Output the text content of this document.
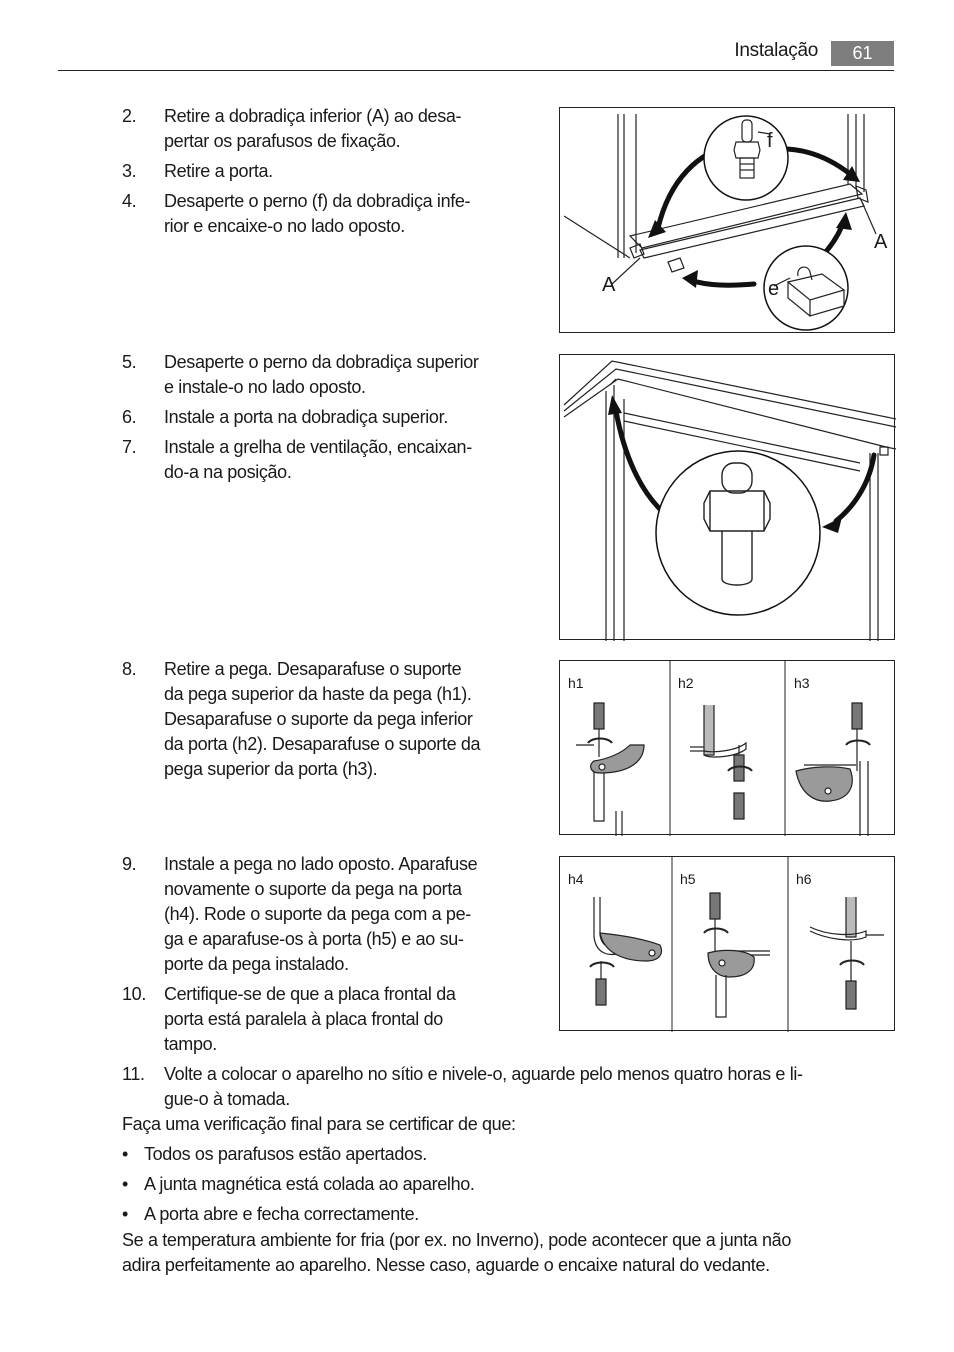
Instalação	61
2.	Retire a dobradiça inferior (A) ao desa-
pertar os parafusos de fixação.
3.	Retire a porta.
4.	Desaperte o perno (f) da dobradiça infe-
rior e encaixe-o no lado oposto.
f
A
A	e
5.	Desaperte o perno da dobradiça superior
e instale-o no lado oposto.
6.	Instale a porta na dobradiça superior.
7.	Instale a grelha de ventilação, encaixan-
do-a na posição.
8.	Retire a pega. Desaparafuse o suporte
da pega superior da haste da pega (h1).
Desaparafuse o suporte da pega inferior
da porta (h2). Desaparafuse o suporte da
pega superior da porta (h3).
h1	h2	h3
9.	Instale a pega no lado oposto. Aparafuse
novamente o suporte da pega na porta
(h4). Rode o suporte da pega com a pe-
ga e aparafuse-os à porta (h5) e ao su-
porte da pega instalado.
10.	Certifique-se de que a placa frontal da
porta está paralela à placa frontal do
tampo.
11.	Volte a colocar o aparelho no sítio e nivele-o, aguarde pelo menos quatro horas e li-
gue-o à tomada.
h4	h5	h6
Faça uma verificação final para se certificar de que:
• Todos os parafusos estão apertados.
• A junta magnética está colada ao aparelho.
• A porta abre e fecha correctamente.
Se a temperatura ambiente for fria (por ex. no Inverno), pode acontecer que a junta não
adira perfeitamente ao aparelho. Nesse caso, aguarde o encaixe natural do vedante.
